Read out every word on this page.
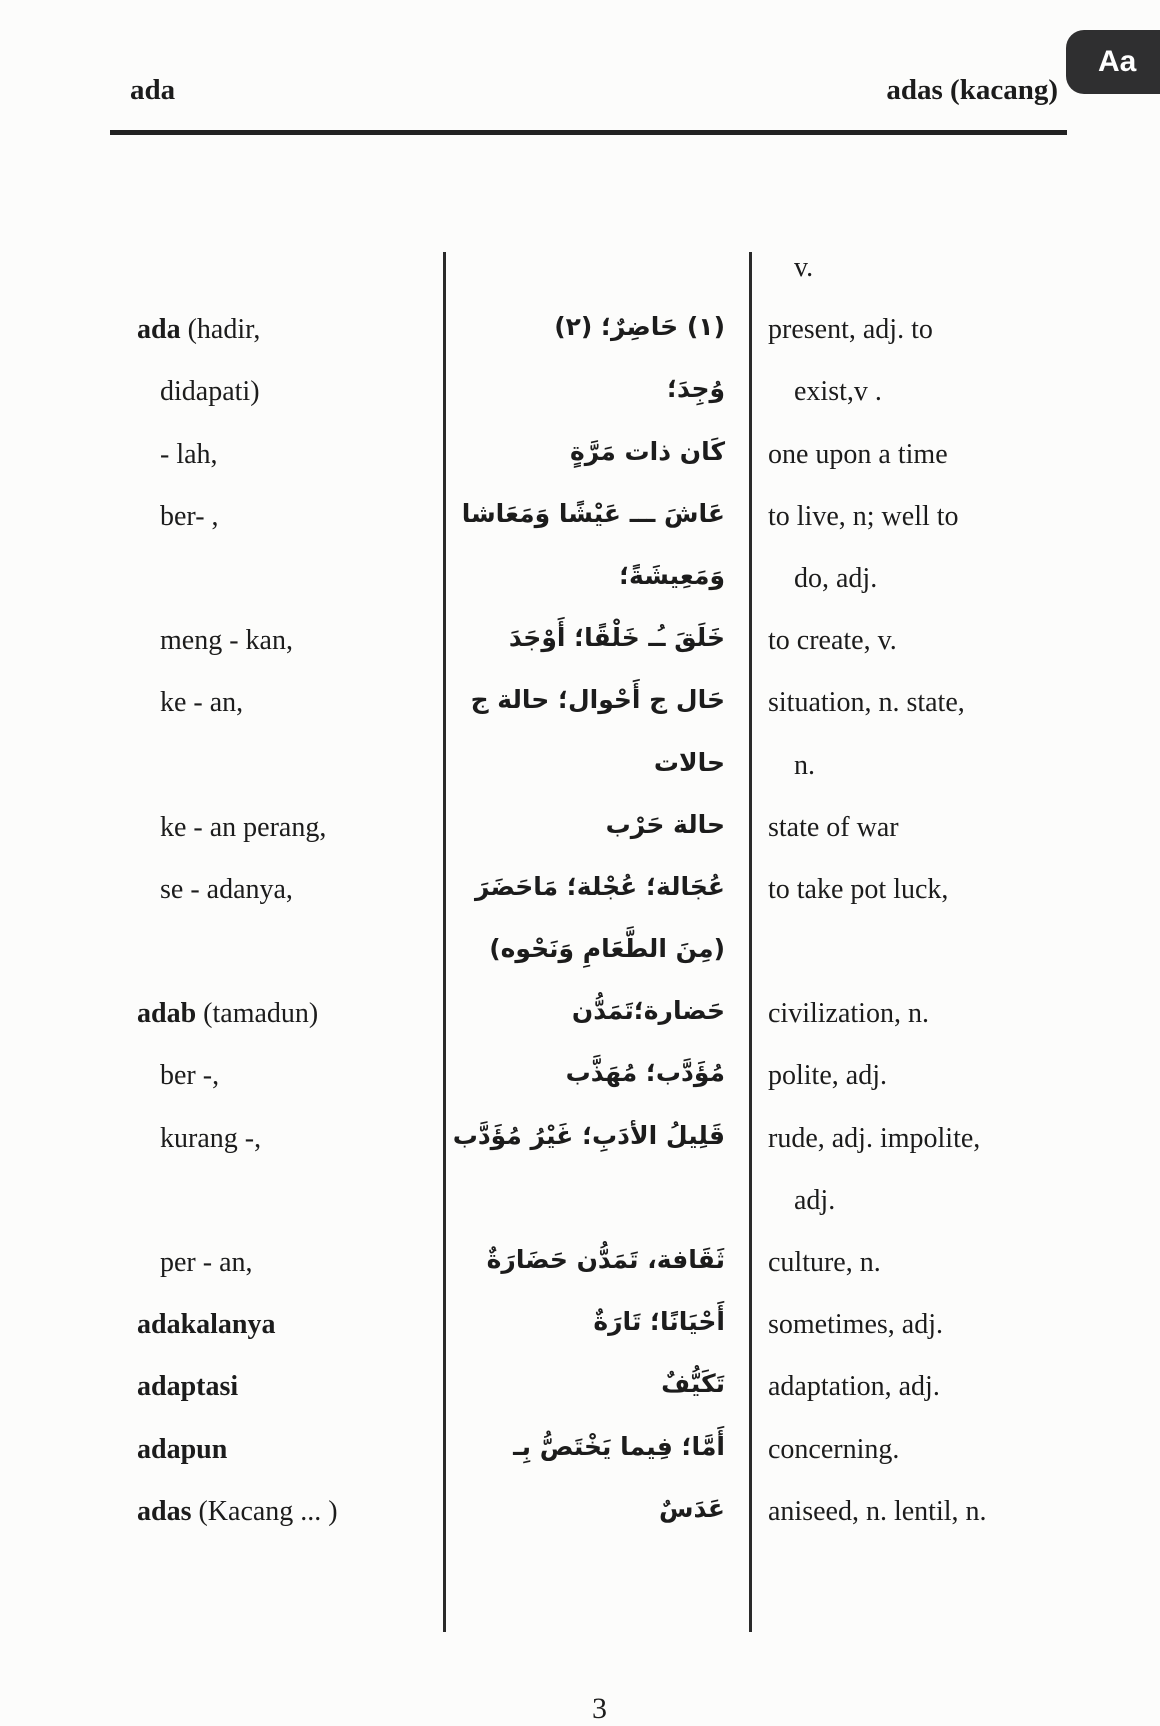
ada	adas (kacang)
Aa
v.
ada (hadir,	(١) حَاضِرٌ؛ (٢) present, adj. to
didapati)	وُجِدَ؛ exist,v .
- lah,	كَان ذات مَرَّةٍ one upon a time
ber- ,	عَاشَ ـــ عَيْشًا وَمَعَاشا to live, n; well to
وَمَعِيشَةً؛ do, adj.
meng - kan,	خَلَقَ ـُـ خَلْقًا؛ أَوْجَدَ to create, v.
ke - an,	حَال ج أَحْوال؛ حالة ج situation, n. state,
حالات n.
ke - an perang,	حالة حَرْب state of war
se - adanya,	عُجَالة؛ عُجْلة؛ مَاحَضَرَ to take pot luck,
(مِنَ الطَّعَامِ وَنَحْوه)
adab (tamadun)	حَضارة؛تَمَدُّن civilization, n.
ber -,	مُؤَدَّب؛ مُهَذَّب polite, adj.
kurang -,	قَلِيلُ الأدَبِ؛ غَيْرُ مُؤَدَّب rude, adj. impolite,
adj.
per - an,	ثَقَافة، تَمَدُّن حَضَارَةٌ culture, n.
adakalanya	أَحْيَانًا؛ تَارَةٌ sometimes, adj.
adaptasi	تَكَيُّفٌ adaptation, adj.
adapun	أَمَّا؛ فِيما يَخْتَصُّ بِـ concerning.
adas (Kacang ... )	عَدَسٌ aniseed, n. lentil, n.
3
